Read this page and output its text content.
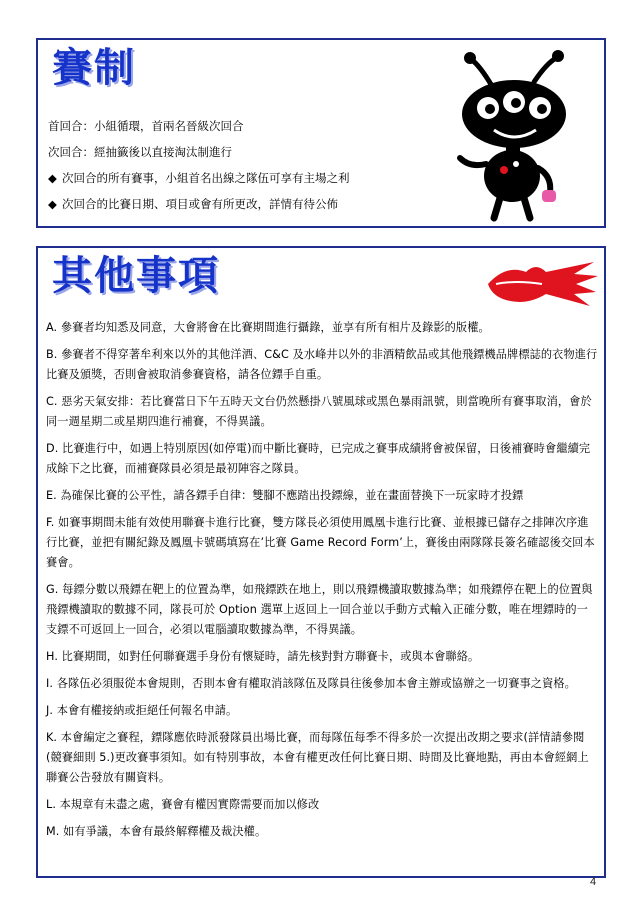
賽制
首回合：小組循環，首兩名晉級次回合
次回合：經抽籤後以直接淘汰制進行
◆ 次回合的所有賽事，小組首名出線之隊伍可享有主場之利
◆ 次回合的比賽日期、項目或會有所更改，詳情有待公佈
其他事項
A. 參賽者均知悉及同意，大會將會在比賽期間進行攝錄，並享有所有相片及錄影的版權。
B. 參賽者不得穿著牟利來以外的其他洋酒、C&C 及水峰井以外的非酒精飲品或其他飛鏢機品牌標誌的衣物進行比賽及頒獎，否則會被取消參賽資格，請各位鏢手自重。
C. 惡劣天氣安排：若比賽當日下午五時天文台仍然懸掛八號風球或黑色暴雨訊號，則當晚所有賽事取消，會於同一週星期二或星期四進行補賽，不得異議。
D. 比賽進行中，如遇上特別原因(如停電)而中斷比賽時，已完成之賽事成績將會被保留，日後補賽時會繼續完成餘下之比賽，而補賽隊員必須是最初陣容之隊員。
E. 為確保比賽的公平性，請各鏢手自律：雙腳不應踏出投鏢線，並在畫面替換下一玩家時才投鏢
F. 如賽事期間未能有效使用聯賽卡進行比賽，雙方隊長必須使用鳳凰卡進行比賽、並根據已儲存之排陣次序進行比賽，並把有關紀錄及鳳凰卡號碼填寫在’比賽 Game Record Form’上，賽後由兩隊隊長簽名確認後交回本賽會。
G. 每鏢分數以飛鏢在靶上的位置為準，如飛鏢跌在地上，則以飛鏢機讀取數據為準；如飛鏢停在靶上的位置與飛鏢機讀取的數據不同，隊長可於 Option 選單上返回上一回合並以手動方式輸入正確分數，唯在埋鏢時的一支鏢不可返回上一回合，必須以電腦讀取數據為準，不得異議。
H. 比賽期間，如對任何聯賽選手身份有懷疑時，請先核對對方聯賽卡，或與本會聯絡。
I. 各隊伍必須服從本會規則，否則本會有權取消該隊伍及隊員往後參加本會主辦或協辦之一切賽事之資格。
J. 本會有權接納或拒絕任何報名申請。
K. 本會編定之賽程，鏢隊應依時派發隊員出場比賽，而每隊伍每季不得多於一次提出改期之要求(詳情請參閱(競賽細則 5.)更改賽事須知。如有特別事故，本會有權更改任何比賽日期、時間及比賽地點，再由本會經網上聯賽公告發放有關資料。
L. 本規章有未盡之處，賽會有權因實際需要而加以修改
M. 如有爭議，本會有最終解釋權及裁決權。
4
